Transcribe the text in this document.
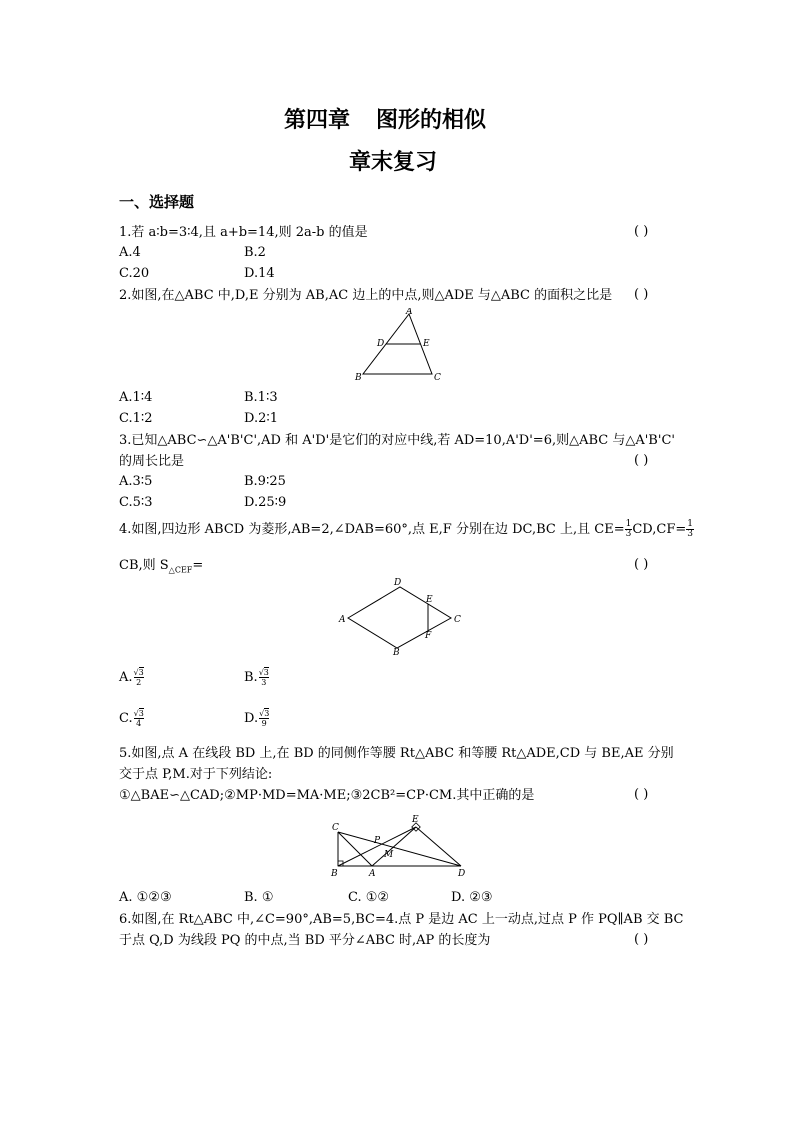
第四章 图形的相似
章末复习
一、选择题
1.若 a∶b=3∶4,且 a+b=14,则 2a-b 的值是	( )
A.4	B.2
C.20	D.14
2.如图,在△ABC 中,D,E 分别为 AB,AC 边上的中点,则△ADE 与△ABC 的面积之比是 ( )
A
D	E
B	C
A.1∶4	B.1∶3
C.1∶2	D.2∶1
3.已知△ABC∽△A'B'C',AD 和 A'D'是它们的对应中线,若 AD=10,A'D'=6,则△ABC 与△A'B'C'
的周长比是	( )
A.3∶5	B.9∶25
C.5∶3	D.25∶9
4.如图,四边形 ABCD 为菱形,AB=2,∠DAB=60°,点 E,F 分别在边 DC,BC 上,且 $CE= \frac{1}{3} CD,CF= \frac{1}{3}$
CB,则 $S_{\triangle CEF}=$	( )
D
E
A	C
F
B
A. $\frac{√3}{2}$	B. $\frac{√3}{3}$
C. $\frac{√3}{4}$	D. $\frac{√3}{9}$
5.如图,点 A 在线段 BD 上,在 BD 的同侧作等腰 Rt△ABC 和等腰 Rt△ADE,CD 与 BE,AE 分别
交于点 P,M.对于下列结论:
①△BAE∽△CAD;②MP·MD=MA·ME;③2CB²=CP·CM.其中正确的是	( )
C
E
P
M
B	A	D
A. ①②③	B. ①	C. ①②	D. ②③
6.如图,在 Rt△ABC 中,∠C=90°,AB=5,BC=4.点 P 是边 AC 上一动点,过点 P 作 PQ∥AB 交 BC
于点 Q,D 为线段 PQ 的中点,当 BD 平分∠ABC 时,AP 的长度为	( )
